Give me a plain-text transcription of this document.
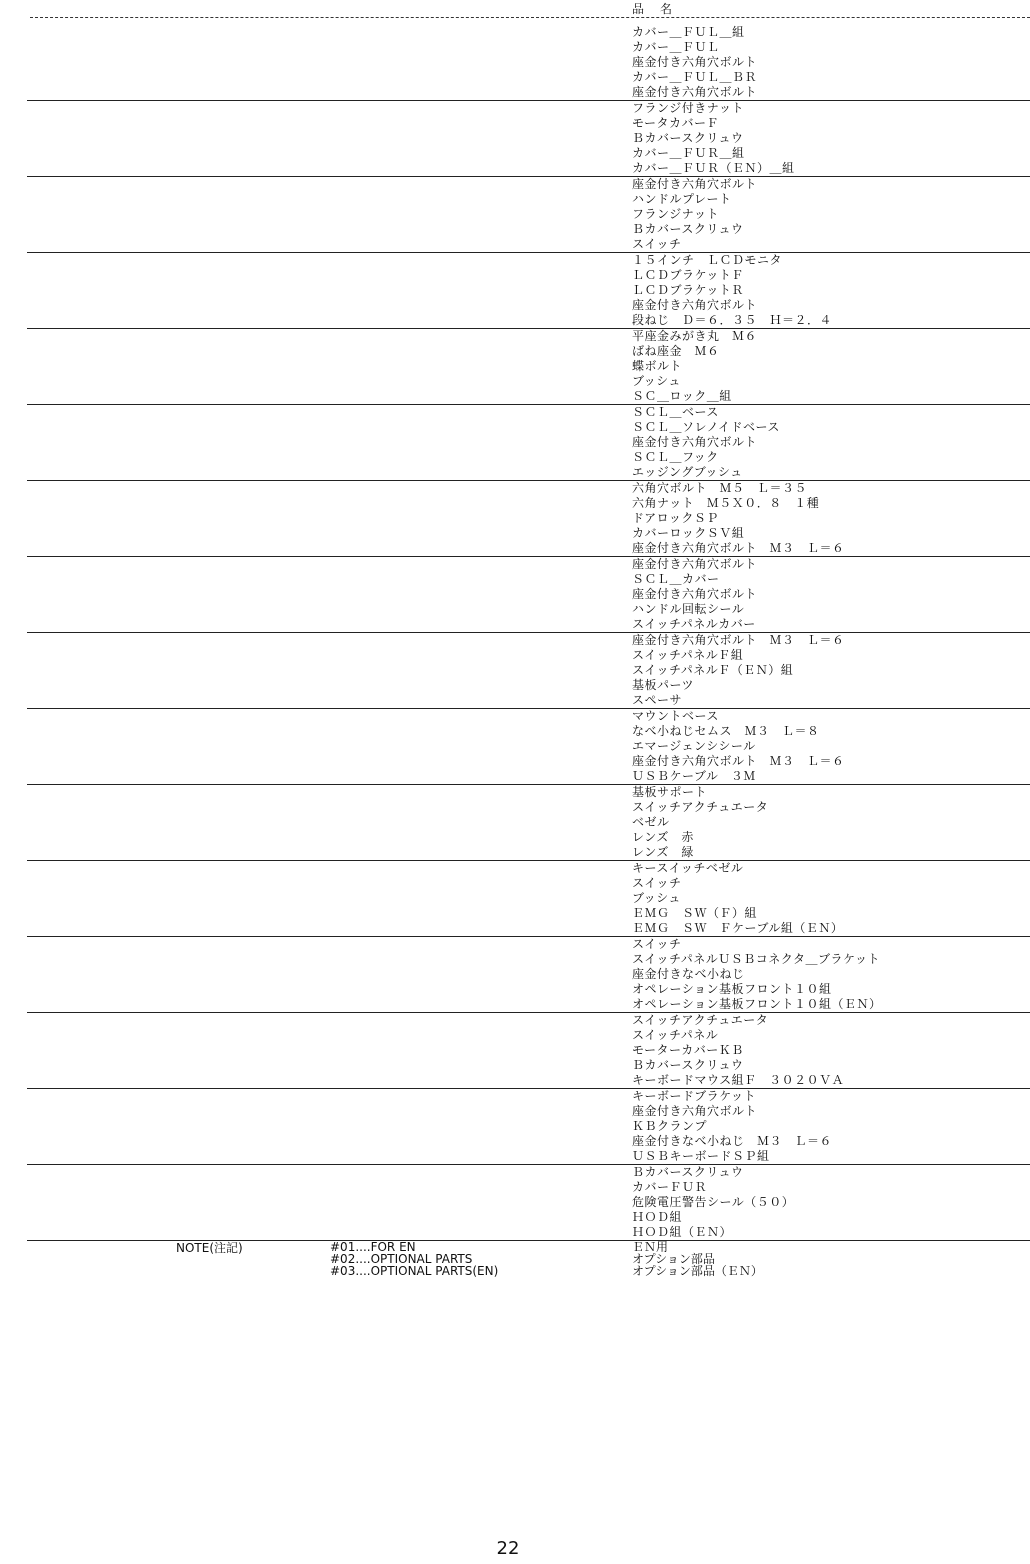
品　名
カバー＿ＦＵＬ＿組
カバー＿ＦＵＬ
座金付き六角穴ボルト
カバー＿ＦＵＬ＿ＢＲ
座金付き六角穴ボルト
フランジ付きナット
モータカバーＦ
Ｂカバースクリュウ
カバー＿ＦＵＲ＿組
カバー＿ＦＵＲ（ＥＮ）＿組
座金付き六角穴ボルト
ハンドルプレート
フランジナット
Ｂカバースクリュウ
スイッチ
１５インチ　ＬＣＤモニタ
ＬＣＤブラケットＦ
ＬＣＤブラケットＲ
座金付き六角穴ボルト
段ねじ　Ｄ＝６．３５　Ｈ＝２．４
平座金みがき丸　Ｍ６
ばね座金　Ｍ６
蝶ボルト
ブッシュ
ＳＣ＿ロック＿組
ＳＣＬ＿ベース
ＳＣＬ＿ソレノイドベース
座金付き六角穴ボルト
ＳＣＬ＿フック
エッジングブッシュ
六角穴ボルト　Ｍ５　Ｌ＝３５
六角ナット　Ｍ５Ｘ０．８　１種
ドアロックＳＰ
カバーロックＳＶ組
座金付き六角穴ボルト　Ｍ３　Ｌ＝６
座金付き六角穴ボルト
ＳＣＬ＿カバー
座金付き六角穴ボルト
ハンドル回転シール
スイッチパネルカバー
座金付き六角穴ボルト　Ｍ３　Ｌ＝６
スイッチパネルＦ組
スイッチパネルＦ（ＥＮ）組
基板パーツ
スペーサ
マウントベース
なべ小ねじセムス　Ｍ３　Ｌ＝８
エマージェンシシール
座金付き六角穴ボルト　Ｍ３　Ｌ＝６
ＵＳＢケーブル　３Ｍ
基板サポート
スイッチアクチュエータ
ベゼル
レンズ　赤
レンズ　緑
キースイッチベゼル
スイッチ
ブッシュ
ＥＭＧ　ＳＷ（Ｆ）組
ＥＭＧ　ＳＷ　Ｆケーブル組（ＥＮ）
スイッチ
スイッチパネルＵＳＢコネクタ＿ブラケット
座金付きなべ小ねじ
オペレーション基板フロント１０組
オペレーション基板フロント１０組（ＥＮ）
スイッチアクチュエータ
スイッチパネル
モーターカバーＫＢ
Ｂカバースクリュウ
キーボードマウス組Ｆ　３０２０ＶＡ
キーボードブラケット
座金付き六角穴ボルト
ＫＢクランプ
座金付きなべ小ねじ　Ｍ３　Ｌ＝６
ＵＳＢキーボードＳＰ組
Ｂカバースクリュウ
カバーＦＵＲ
危険電圧警告シール（５０）
ＨＯＤ組
ＨＯＤ組（ＥＮ）
NOTE(注記)	#01....FOR EN
#02....OPTIONAL PARTS
#03....OPTIONAL PARTS(EN)
ＥＮ用
オプション部品
オプション部品（ＥＮ）
22
